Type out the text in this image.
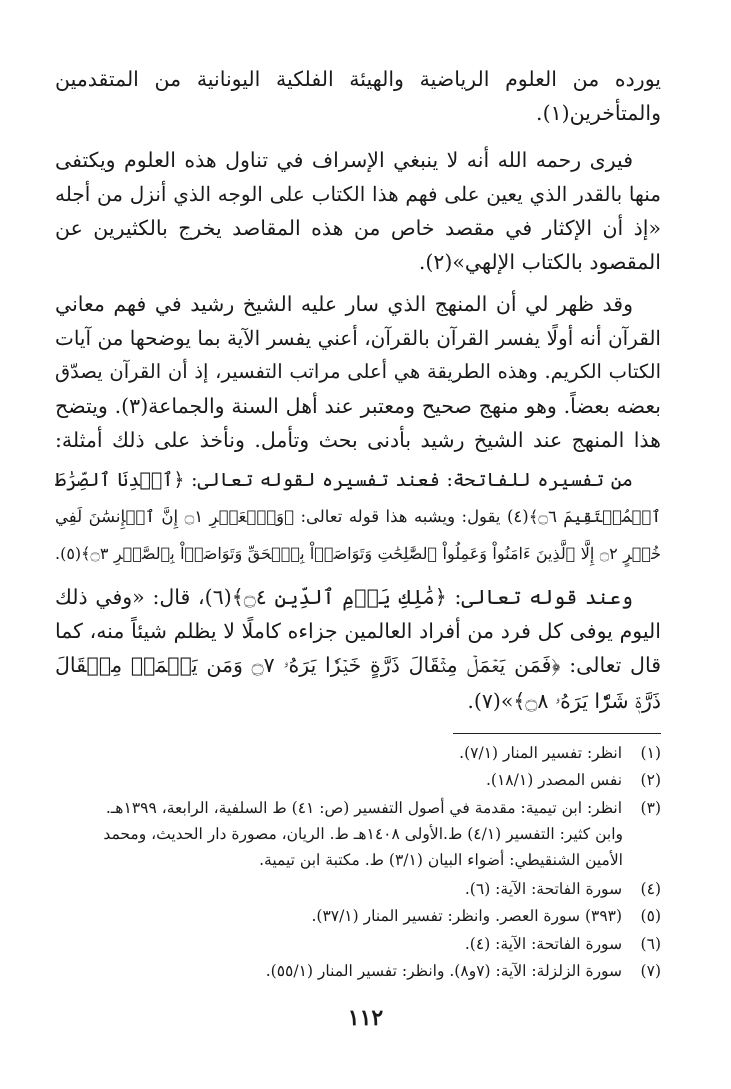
يورده من العلوم الرياضية والهيئة الفلكية اليونانية من المتقدمين
والمتأخرين(١).
فيرى رحمه الله أنه لا ينبغي الإسراف في تناول هذه العلوم ويكتفى
منها بالقدر الذي يعين على فهم هذا الكتاب على الوجه الذي أنزل من أجله
«إذ أن الإكثار في مقصد خاص من هذه المقاصد يخرج بالكثيرين عن
المقصود بالكتاب الإلهي»(٢).
وقد ظهر لي أن المنهج الذي سار عليه الشيخ رشيد في فهم معاني
القرآن أنه أولًا يفسر القرآن بالقرآن، أعني يفسر الآية بما يوضحها من آيات
الكتاب الكريم. وهذه الطريقة هي أعلى مراتب التفسير، إذ أن القرآن يصدّق
بعضه بعضاً. وهو منهج صحيح ومعتبر عند أهل السنة والجماعة(٣). ويتضح
هذا المنهج عند الشيخ رشيد بأدنى بحث وتأمل. ونأخذ على ذلك أمثلة:
من تفسيره للفاتحة: فعند تفسيره لقوله تعالى: ﴿ٱهۡدِنَا ٱلصِّرَٰطَ
ٱلۡمُسۡتَقِيمَ ۝٦﴾(٤) يقول: ويشبه هذا قوله تعالى: ﴿وَٱلۡعَصۡرِ ۝١ إِنَّ ٱلۡإِنسَٰنَ لَفِي
خُسۡرٍ ۝٢ إِلَّا ٱلَّذِينَ ءَامَنُواْ وَعَمِلُواْ ٱلصَّٰلِحَٰتِ وَتَوَاصَوۡاْ بِٱلۡحَقِّ وَتَوَاصَوۡاْ بِٱلصَّبۡرِ ۝٣﴾(٥).
وعند قوله تعالى: ﴿مَٰلِكِ يَوۡمِ ٱلدِّينِ ۝٤﴾(٦)، قال: «وفي ذلك
اليوم يوفى كل فرد من أفراد العالمين جزاءه كاملًا لا يظلم شيئاً منه، كما
قال تعالى: ﴿فَمَن يَعۡمَلۡ مِثۡقَالَ ذَرَّةٍ خَيۡرٗا يَرَهُۥ ۝٧ وَمَن يَعۡمَلۡ مِثۡقَالَ
ذَرَّةٖ شَرّٗا يَرَهُۥ ۝٨﴾»(٧).
(١) انظر: تفسير المنار (٧/١).
(٢) نفس المصدر (١٨/١).
(٣) انظر: ابن تيمية: مقدمة في أصول التفسير (ص: ٤١) ط السلفية، الرابعة، ١٣٩٩هـ.
وابن كثير: التفسير (٤/١) ط.الأولى ١٤٠٨هـ ط. الريان، مصورة دار الحديث، ومحمد
الأمين الشنقيطي: أضواء البيان (٣/١) ط. مكتبة ابن تيمية.
(٤) سورة الفاتحة: الآية: (٦).
(٥) (٣٩٣) سورة العصر. وانظر: تفسير المنار (٣٧/١).
(٦) سورة الفاتحة: الآية: (٤).
(٧) سورة الزلزلة: الآية: (٧و٨). وانظر: تفسير المنار (٥٥/١).
١١٢
